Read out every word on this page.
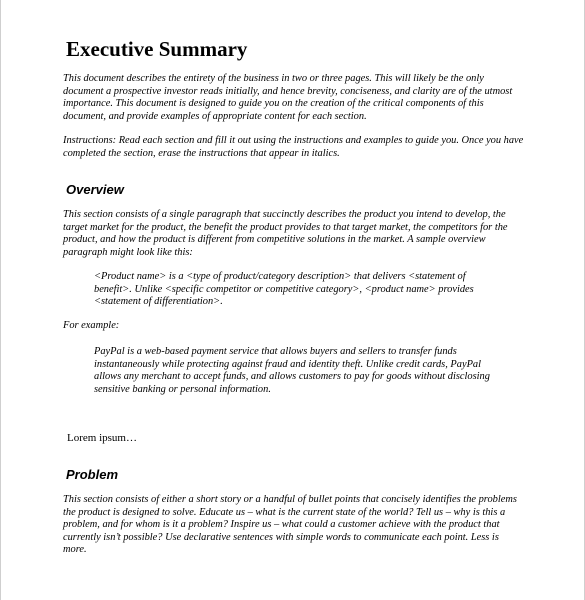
Executive Summary

This document describes the entirety of the business in two or three pages. This will likely be the only document a prospective investor reads initially, and hence brevity, conciseness, and clarity are of the utmost importance. This document is designed to guide you on the creation of the critical components of this document, and provide examples of appropriate content for each section.

Instructions: Read each section and fill it out using the instructions and examples to guide you. Once you have completed the section, erase the instructions that appear in italics.

Overview

This section consists of a single paragraph that succinctly describes the product you intend to develop, the target market for the product, the benefit the product provides to that target market, the competitors for the product, and how the product is different from competitive solutions in the market. A sample overview paragraph might look like this:

<Product name> is a <type of product/category description> that delivers <statement of benefit>. Unlike <specific competitor or competitive category>, <product name> provides <statement of differentiation>.

For example:

PayPal is a web-based payment service that allows buyers and sellers to transfer funds instantaneously while protecting against fraud and identity theft. Unlike credit cards, PayPal allows any merchant to accept funds, and allows customers to pay for goods without disclosing sensitive banking or personal information.

Lorem ipsum…

Problem

This section consists of either a short story or a handful of bullet points that concisely identifies the problems the product is designed to solve. Educate us – what is the current state of the world? Tell us – why is this a problem, and for whom is it a problem? Inspire us – what could a customer achieve with the product that currently isn’t possible? Use declarative sentences with simple words to communicate each point. Less is more.
